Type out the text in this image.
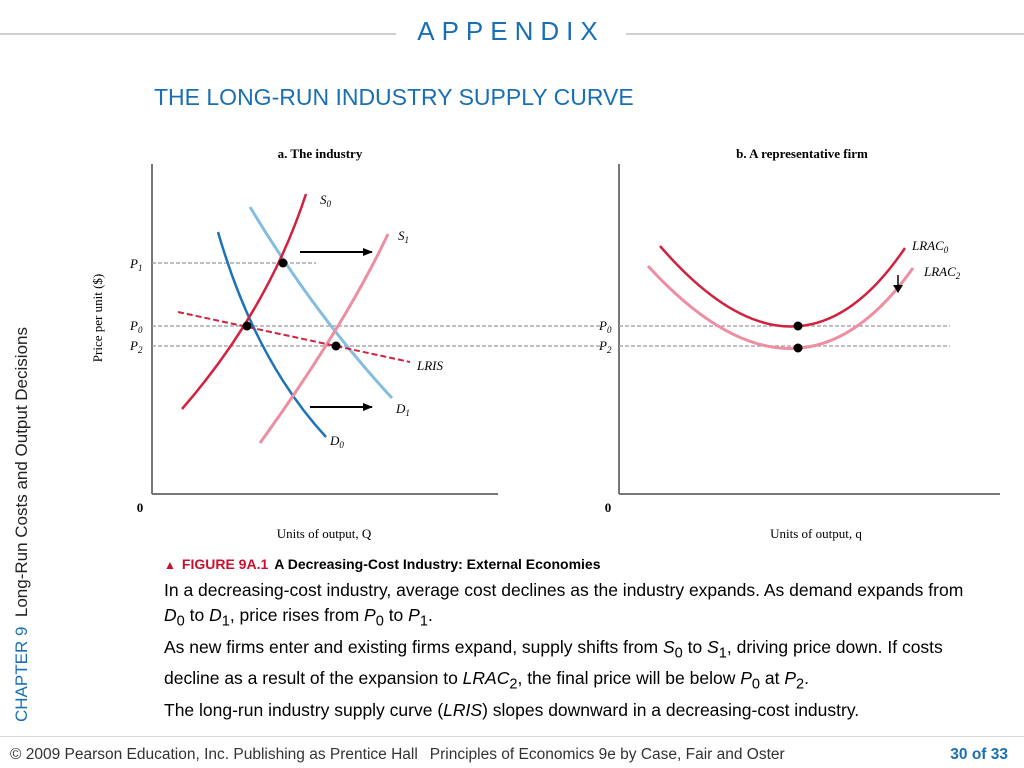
APPENDIX
THE LONG-RUN INDUSTRY SUPPLY CURVE
CHAPTER 9  Long-Run Costs and Output Decisions
a. The industry
0
Units of output, Q
Price per unit ($)
$P_1$
$P_0$
$P_2$
$S_0$
$S_1$
LRIS
$D_1$
$D_0$
b. A representative firm
0
Units of output, q
$P_0$
$P_2$
$LRAC_0$
$LRAC_2$
▲ FIGURE 9A.1 A Decreasing-Cost Industry: External Economies

In a decreasing-cost industry, average cost declines as the industry expands. As demand expands from $D_0$ to $D_1$, price rises from $P_0$ to $P_1$.

As new firms enter and existing firms expand, supply shifts from $S_0$ to $S_1$, driving price down. If costs decline as a result of the expansion to $LRAC_2$, the final price will be below $P_0$ at $P_2$.

The long-run industry supply curve (LRIS) slopes downward in a decreasing-cost industry.

© 2009 Pearson Education, Inc. Publishing as Prentice Hall Principles of Economics 9e by Case, Fair and Oster	30 of 33
